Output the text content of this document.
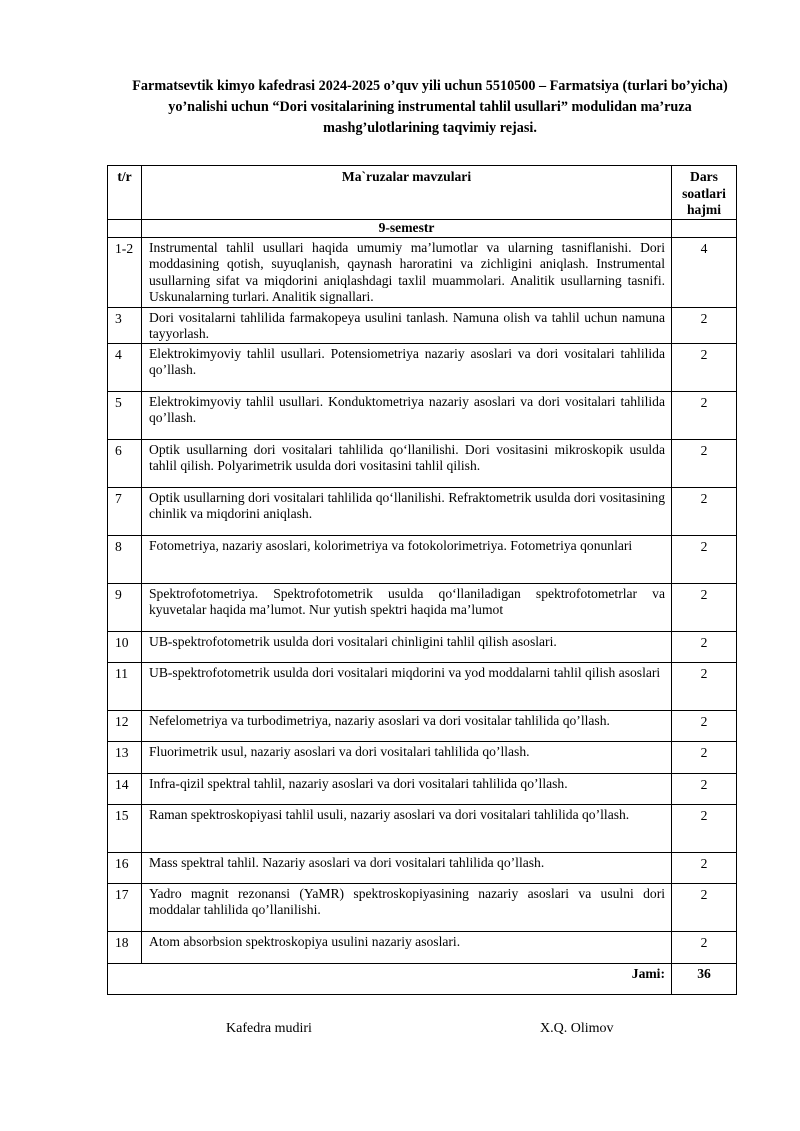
Farmatsevtik kimyo kafedrasi 2024-2025 o’quv yili uchun 5510500 – Farmatsiya (turlari bo’yicha)
yo’nalishi uchun “Dori vositalarining instrumental tahlil usullari” modulidan ma’ruza
mashg’ulotlarining taqvimiy rejasi.
t/r	Ma`ruzalar mavzulari	Dars
soatlari
hajmi

	9-semestr	
1-2	Instrumental tahlil usullari haqida umumiy ma’lumotlar va ularning tasniflanishi. Dori moddasining qotish, suyuqlanish, qaynash haroratini va zichligini aniqlash. Instrumental usullarning sifat va miqdorini aniqlashdagi taxlil muammolari. Analitik usullarning tasnifi. Uskunalarning turlari. Analitik signallari.	4
3	Dori vositalarni tahlilida farmakopeya usulini tanlash. Namuna olish va tahlil uchun namuna tayyorlash.	2
4	Elektrokimyoviy tahlil usullari. Potensiometriya nazariy asoslari va dori vositalari tahlilida qo’llash.	2
5	Elektrokimyoviy tahlil usullari. Konduktometriya nazariy asoslari va dori vositalari tahlilida qo’llash.	2
6	Optik usullarning dori vositalari tahlilida qo‘llanilishi. Dori vositasini mikroskopik usulda tahlil qilish. Polyarimetrik usulda dori vositasini tahlil qilish.	2
7	Optik usullarning dori vositalari tahlilida qo‘llanilishi. Refraktometrik usulda dori vositasining chinlik va miqdorini aniqlash.	2
8	Fotometriya, nazariy asoslari, kolorimetriya va fotokolorimetriya. Fotometriya qonunlari	2
9	Spektrofotometriya. Spektrofotometrik usulda qo‘llaniladigan spektrofotometrlar va kyuvetalar haqida ma’lumot. Nur yutish spektri haqida ma’lumot	2
10	UB-spektrofotometrik usulda dori vositalari chinligini tahlil qilish asoslari.	2
11	UB-spektrofotometrik usulda dori vositalari miqdorini va yod moddalarni tahlil qilish asoslari	2
12	Nefelometriya va turbodimetriya, nazariy asoslari va dori vositalar tahlilida qo’llash.	2
13	Fluorimetrik usul, nazariy asoslari va dori vositalari tahlilida qo’llash.	2
14	Infra-qizil spektral tahlil, nazariy asoslari va dori vositalari tahlilida qo’llash.	2
15	Raman spektroskopiyasi tahlil usuli, nazariy asoslari va dori vositalari tahlilida qo’llash.	2
16	Mass spektral tahlil. Nazariy asoslari va dori vositalari tahlilida qo’llash.	2
17	Yadro magnit rezonansi (YaMR) spektroskopiyasining nazariy asoslari va usulni dori moddalar tahlilida qo’llanilishi.	2
18	Atom absorbsion spektroskopiya usulini nazariy asoslari.	2
Jami:		36
Kafedra mudiri	X.Q. Olimov
